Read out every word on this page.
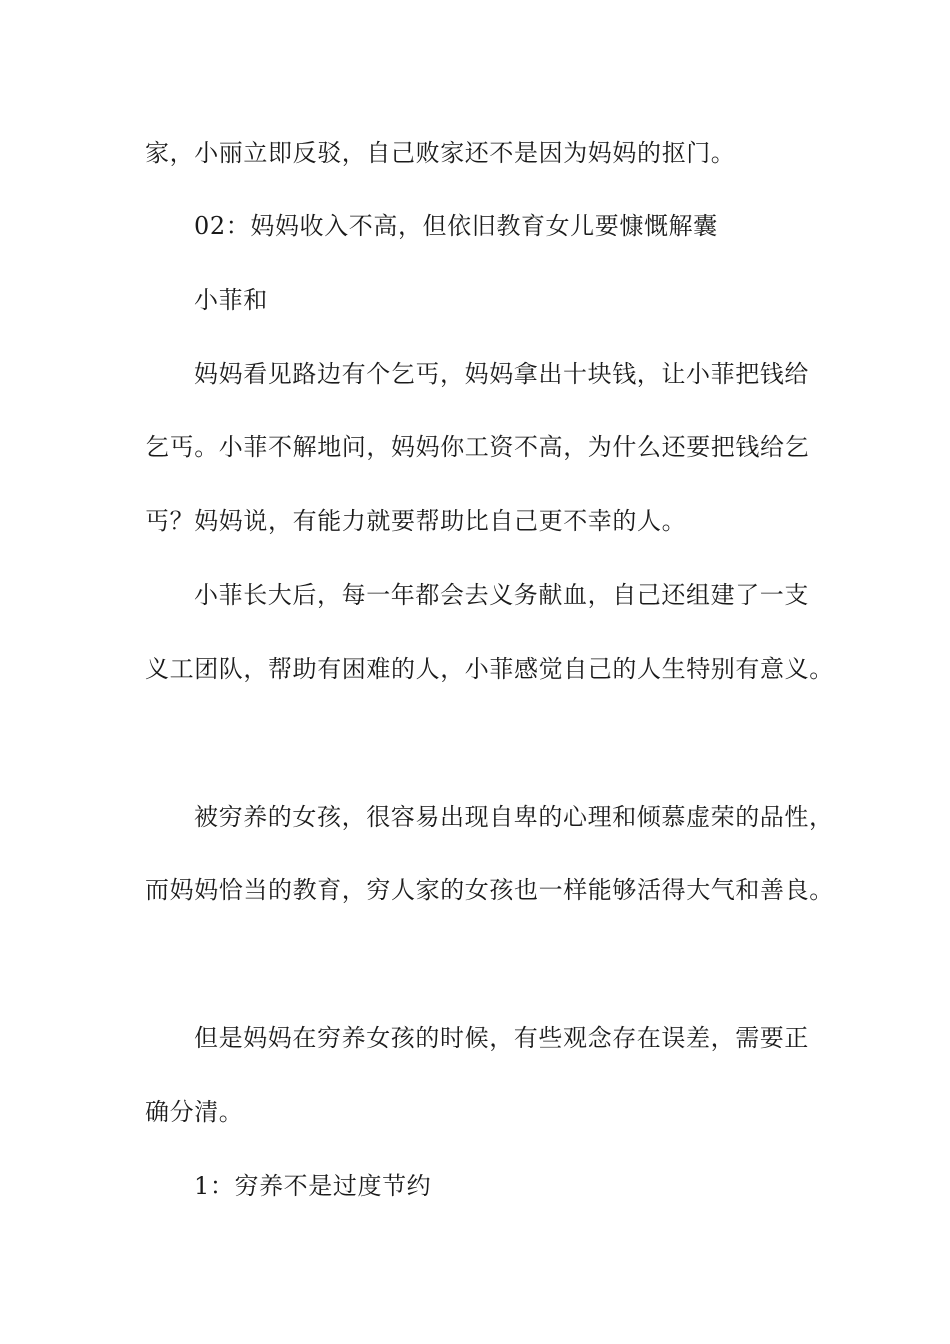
家，小丽立即反驳，自己败家还不是因为妈妈的抠门。
02：妈妈收入不高，但依旧教育女儿要慷慨解囊
小菲和
妈妈看见路边有个乞丐，妈妈拿出十块钱，让小菲把钱给
乞丐。小菲不解地问，妈妈你工资不高，为什么还要把钱给乞
丐？妈妈说，有能力就要帮助比自己更不幸的人。
小菲长大后，每一年都会去义务献血，自己还组建了一支
义工团队，帮助有困难的人，小菲感觉自己的人生特别有意义。
被穷养的女孩，很容易出现自卑的心理和倾慕虚荣的品性，
而妈妈恰当的教育，穷人家的女孩也一样能够活得大气和善良。
但是妈妈在穷养女孩的时候，有些观念存在误差，需要正
确分清。
1：穷养不是过度节约
